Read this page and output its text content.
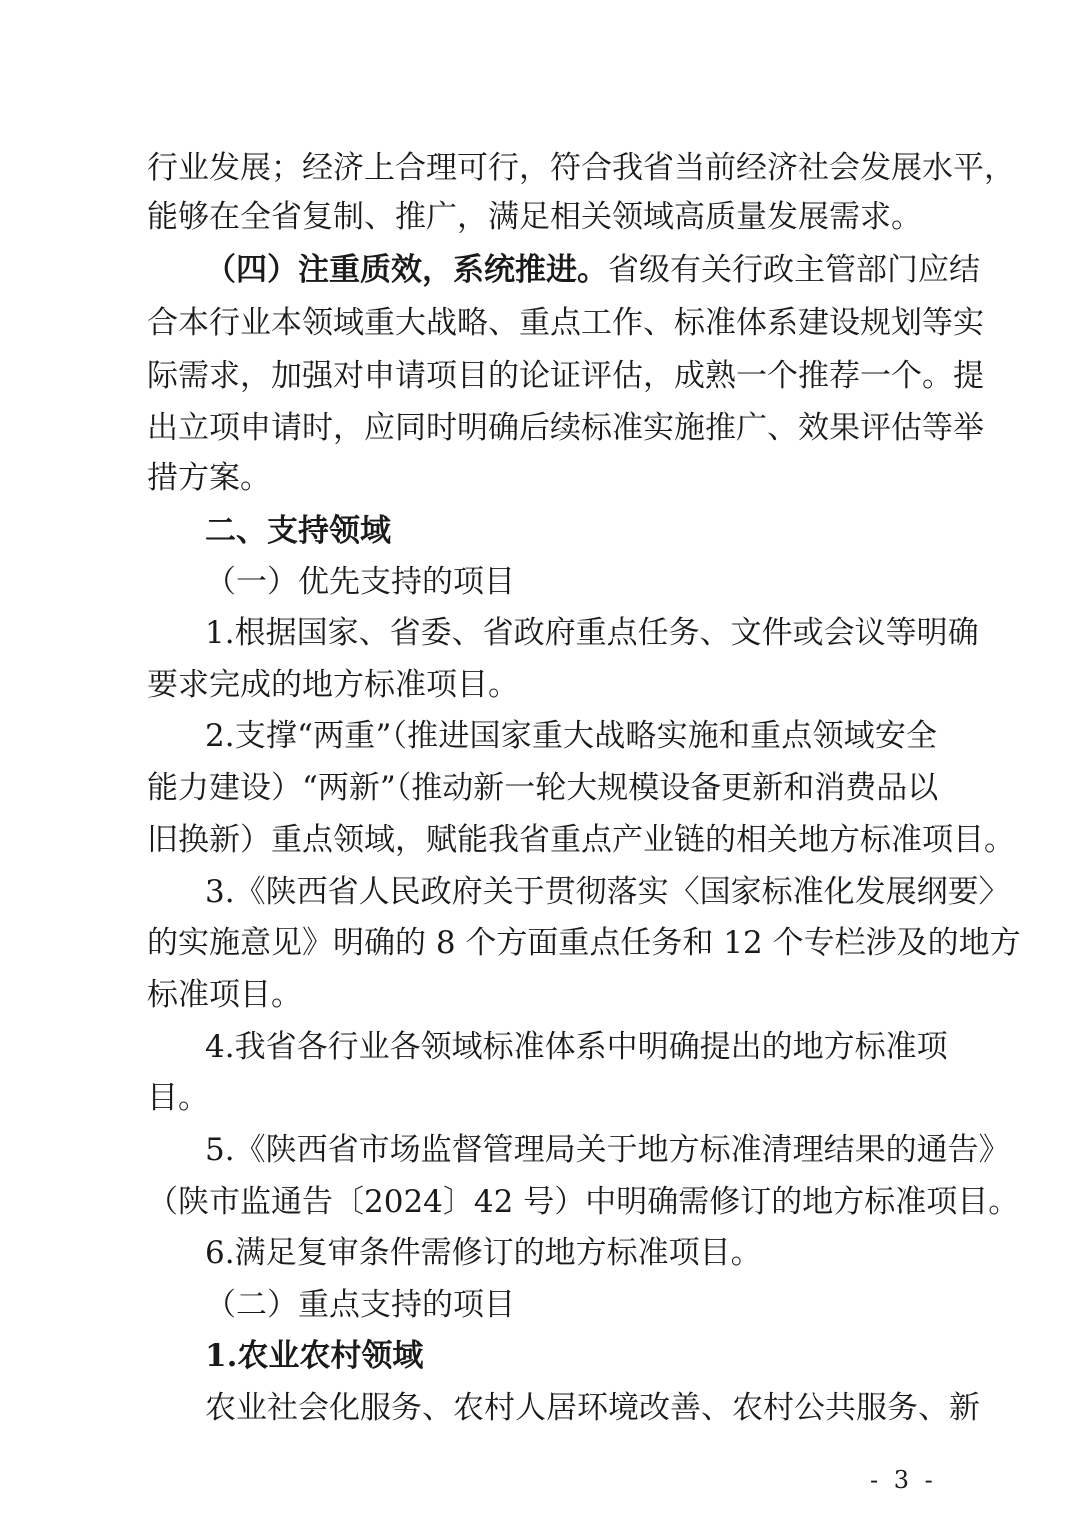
行业发展；经济上合理可行，符合我省当前经济社会发展水平，
能够在全省复制、推广，满足相关领域高质量发展需求。
（四）注重质效，系统推进。省级有关行政主管部门应结
合本行业本领域重大战略、重点工作、标准体系建设规划等实
际需求，加强对申请项目的论证评估，成熟一个推荐一个。提
出立项申请时，应同时明确后续标准实施推广、效果评估等举
措方案。
二、支持领域
（一）优先支持的项目
1.根据国家、省委、省政府重点任务、文件或会议等明确
要求完成的地方标准项目。
2.支撑“两重”（推进国家重大战略实施和重点领域安全
能力建设）“两新”（推动新一轮大规模设备更新和消费品以
旧换新）重点领域，赋能我省重点产业链的相关地方标准项目。
3.《陕西省人民政府关于贯彻落实〈国家标准化发展纲要〉
的实施意见》明确的 8 个方面重点任务和 12 个专栏涉及的地方
标准项目。
4.我省各行业各领域标准体系中明确提出的地方标准项
目。
5.《陕西省市场监督管理局关于地方标准清理结果的通告》
（陕市监通告〔2024〕42 号）中明确需修订的地方标准项目。
6.满足复审条件需修订的地方标准项目。
（二）重点支持的项目
1.农业农村领域
农业社会化服务、农村人居环境改善、农村公共服务、新
- 3 -
